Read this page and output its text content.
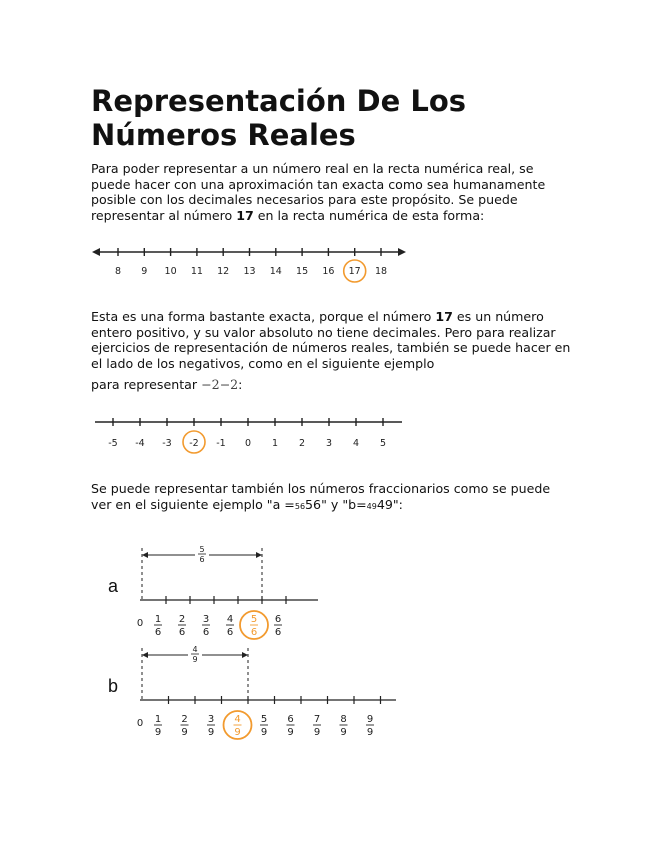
Representación De Los Números Reales

Para poder representar a un número real en la recta numérica real, se puede hacer con una aproximación tan exacta como sea humanamente posible con los decimales necesarios para este propósito. Se puede representar al número 17 en la recta numérica de esta forma:

8 9 10 11 12 13 14 15 16 17 18
Esta es una forma bastante exacta, porque el número 17 es un número entero positivo, y su valor absoluto no tiene decimales. Pero para realizar ejercicios de representación de números reales, también se puede hacer en el lado de los negativos, como en el siguiente ejemplo
para representar −2−2:
-5 -4 -3 -2 -1 0 1 2 3 4 5

Se puede representar también los números fraccionarios como se puede ver en el siguiente ejemplo "a =5656" y "b=4949":

a
5
6
0 1
6
2
6
3
6
4
6
5
6
6
6
b
4
9
0 1
9
2
9
3
9
4
9
5
9
6
9
7
9
8
9
9
9
